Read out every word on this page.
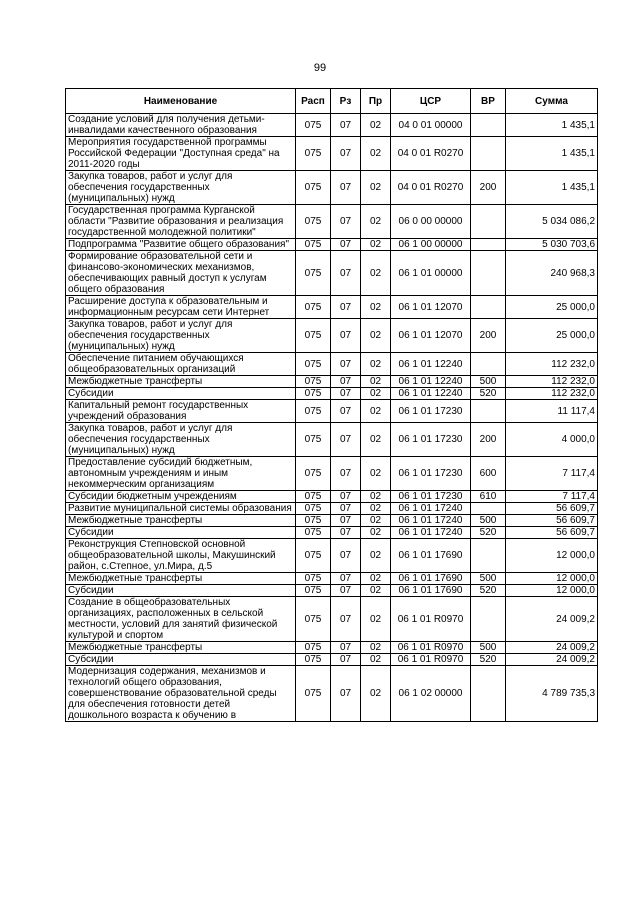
99
Наименование	Расп	Рз	Пр	ЦСР	ВР	Сумма
Создание условий для получения детьми-инвалидами качественного образования	075	07	02	04 0 01 00000		1 435,1
Мероприятия государственной программы Российской Федерации "Доступная среда" на 2011-2020 годы	075	07	02	04 0 01 R0270		1 435,1
Закупка товаров, работ и услуг для обеспечения государственных (муниципальных) нужд	075	07	02	04 0 01 R0270	200	1 435,1
Государственная программа Курганской области "Развитие образования и реализация государственной молодежной политики"	075	07	02	06 0 00 00000		5 034 086,2
Подпрограмма "Развитие общего образования"	075	07	02	06 1 00 00000		5 030 703,6
Формирование образовательной сети и финансово-экономических механизмов, обеспечивающих равный доступ к услугам общего образования	075	07	02	06 1 01 00000		240 968,3
Расширение доступа к образовательным и информационным ресурсам сети Интернет	075	07	02	06 1 01 12070		25 000,0
Закупка товаров, работ и услуг для обеспечения государственных (муниципальных) нужд	075	07	02	06 1 01 12070	200	25 000,0
Обеспечение питанием обучающихся общеобразовательных организаций	075	07	02	06 1 01 12240		112 232,0
Межбюджетные трансферты	075	07	02	06 1 01 12240	500	112 232,0
Субсидии	075	07	02	06 1 01 12240	520	112 232,0
Капитальный ремонт государственных учреждений образования	075	07	02	06 1 01 17230		11 117,4
Закупка товаров, работ и услуг для обеспечения государственных (муниципальных) нужд	075	07	02	06 1 01 17230	200	4 000,0
Предоставление субсидий бюджетным, автономным учреждениям и иным некоммерческим организациям	075	07	02	06 1 01 17230	600	7 117,4
Субсидии бюджетным учреждениям	075	07	02	06 1 01 17230	610	7 117,4
Развитие муниципальной системы образования	075	07	02	06 1 01 17240		56 609,7
Межбюджетные трансферты	075	07	02	06 1 01 17240	500	56 609,7
Субсидии	075	07	02	06 1 01 17240	520	56 609,7
Реконструкция Степновской основной общеобразовательной школы, Макушинский район, с.Степное, ул.Мира, д.5	075	07	02	06 1 01 17690		12 000,0
Межбюджетные трансферты	075	07	02	06 1 01 17690	500	12 000,0
Субсидии	075	07	02	06 1 01 17690	520	12 000,0
Создание в общеобразовательных организациях, расположенных в сельской местности, условий для занятий физической культурой и спортом	075	07	02	06 1 01 R0970		24 009,2
Межбюджетные трансферты	075	07	02	06 1 01 R0970	500	24 009,2
Субсидии	075	07	02	06 1 01 R0970	520	24 009,2
Модернизация содержания, механизмов и технологий общего образования, совершенствование образовательной среды для обеспечения готовности детей дошкольного возраста к обучению в	075	07	02	06 1 02 00000		4 789 735,3
